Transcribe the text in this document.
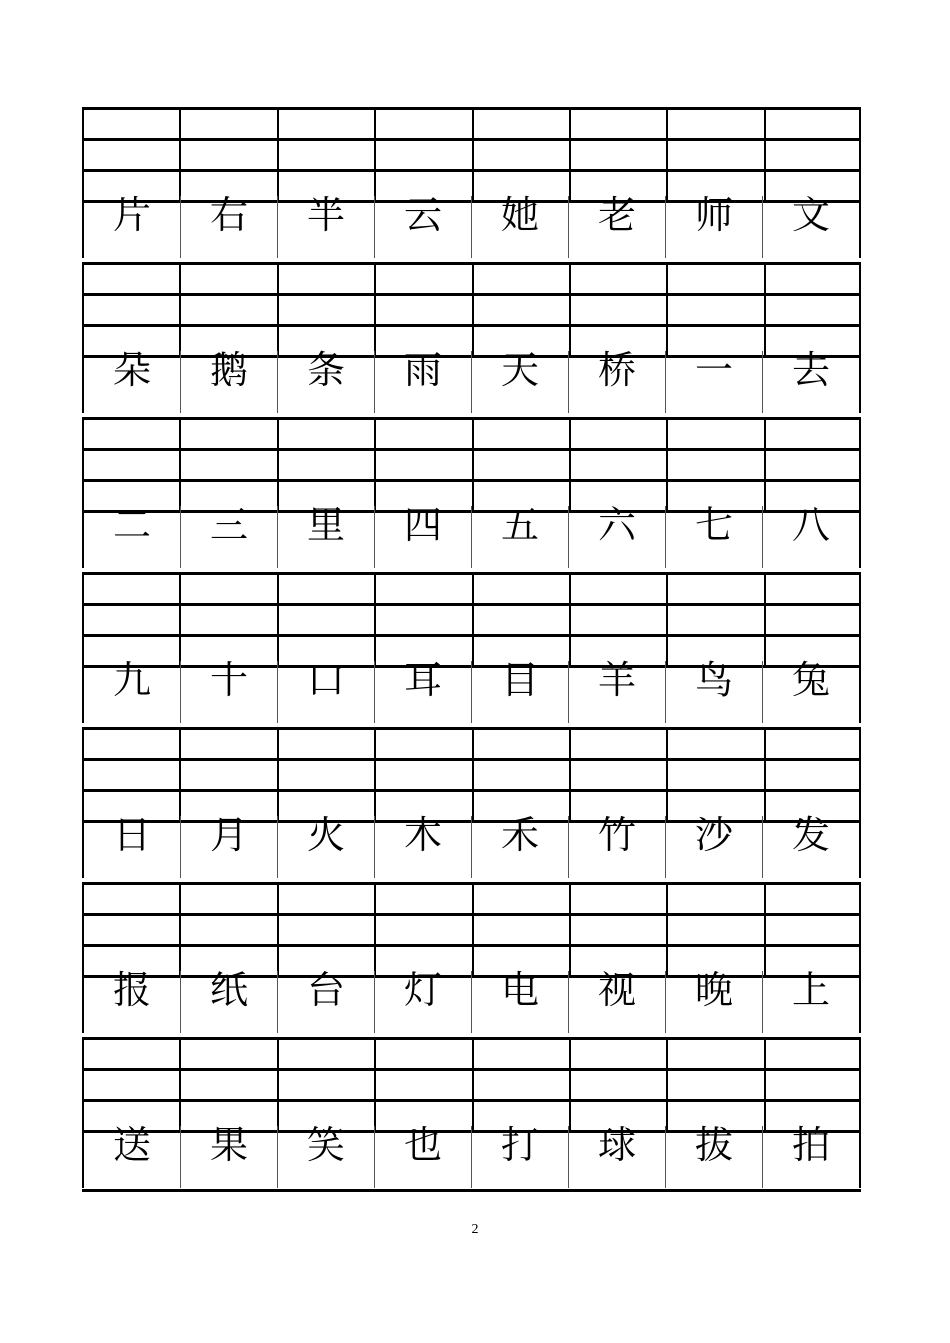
片	右	半	云	她	老	师	文
朵	鹅	条	雨	天	桥	一	去
二	三	里	四	五	六	七	八
九	十	口	耳	目	羊	鸟	兔
日	月	火	木	禾	竹	沙	发
报	纸	台	灯	电	视	晚	上
送	果	笑	也	打	球	拔	拍
2
